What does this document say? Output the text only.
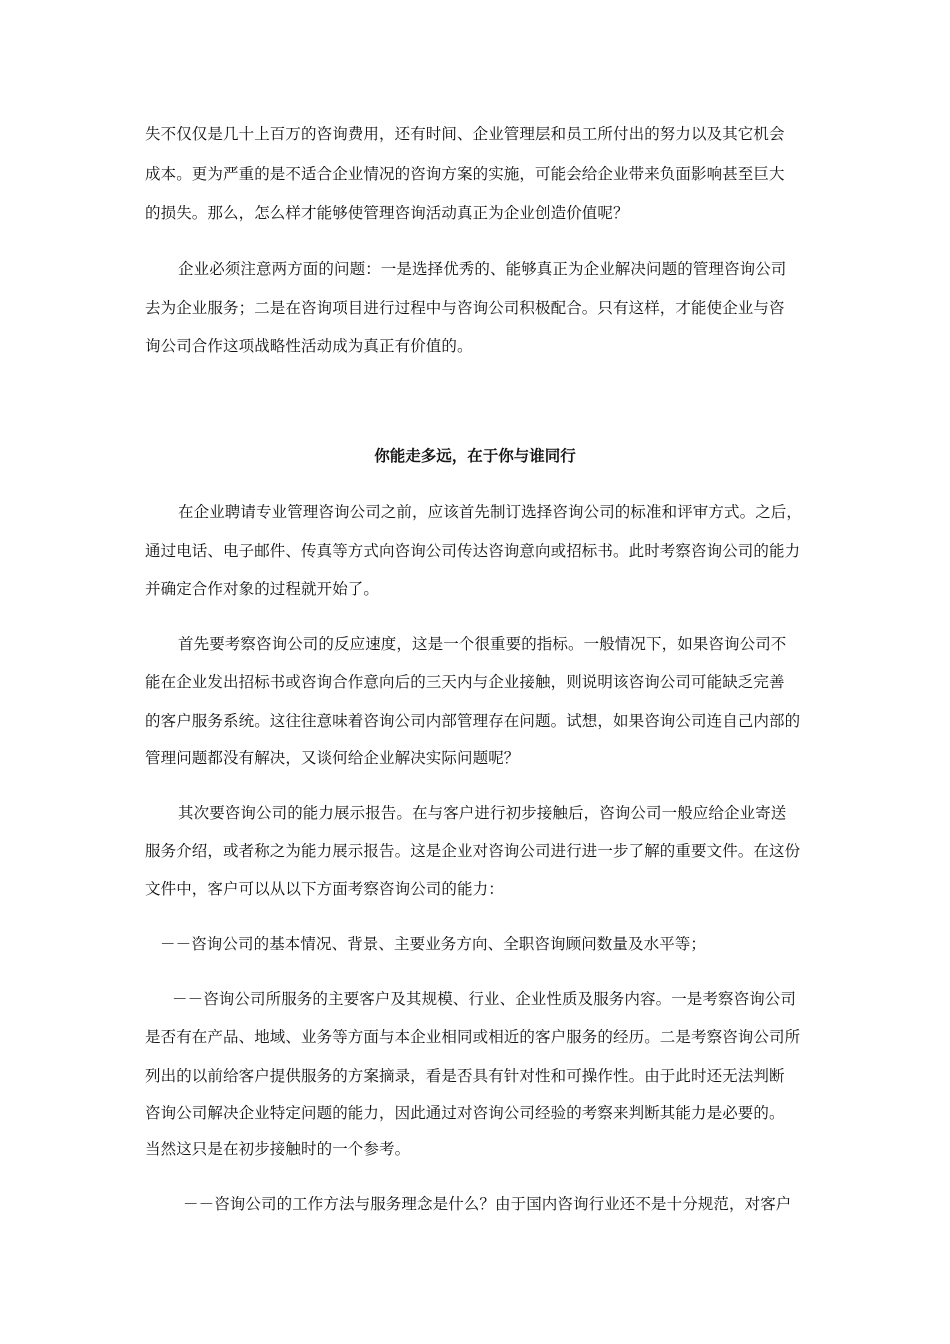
失不仅仅是几十上百万的咨询费用，还有时间、企业管理层和员工所付出的努力以及其它机会
成本。更为严重的是不适合企业情况的咨询方案的实施，可能会给企业带来负面影响甚至巨大
的损失。那么，怎么样才能够使管理咨询活动真正为企业创造价值呢？
企业必须注意两方面的问题：一是选择优秀的、能够真正为企业解决问题的管理咨询公司
去为企业服务；二是在咨询项目进行过程中与咨询公司积极配合。只有这样，才能使企业与咨
询公司合作这项战略性活动成为真正有价值的。
你能走多远，在于你与谁同行
在企业聘请专业管理咨询公司之前，应该首先制订选择咨询公司的标准和评审方式。之后，
通过电话、电子邮件、传真等方式向咨询公司传达咨询意向或招标书。此时考察咨询公司的能力
并确定合作对象的过程就开始了。
首先要考察咨询公司的反应速度，这是一个很重要的指标。一般情况下，如果咨询公司不
能在企业发出招标书或咨询合作意向后的三天内与企业接触，则说明该咨询公司可能缺乏完善
的客户服务系统。这往往意味着咨询公司内部管理存在问题。试想，如果咨询公司连自己内部的
管理问题都没有解决，又谈何给企业解决实际问题呢？
其次要咨询公司的能力展示报告。在与客户进行初步接触后，咨询公司一般应给企业寄送
服务介绍，或者称之为能力展示报告。这是企业对咨询公司进行进一步了解的重要文件。在这份
文件中，客户可以从以下方面考察咨询公司的能力：
－－咨询公司的基本情况、背景、主要业务方向、全职咨询顾问数量及水平等；
－－咨询公司所服务的主要客户及其规模、行业、企业性质及服务内容。一是考察咨询公司
是否有在产品、地域、业务等方面与本企业相同或相近的客户服务的经历。二是考察咨询公司所
列出的以前给客户提供服务的方案摘录，看是否具有针对性和可操作性。由于此时还无法判断
咨询公司解决企业特定问题的能力，因此通过对咨询公司经验的考察来判断其能力是必要的。
当然这只是在初步接触时的一个参考。
－－咨询公司的工作方法与服务理念是什么？由于国内咨询行业还不是十分规范，对客户
